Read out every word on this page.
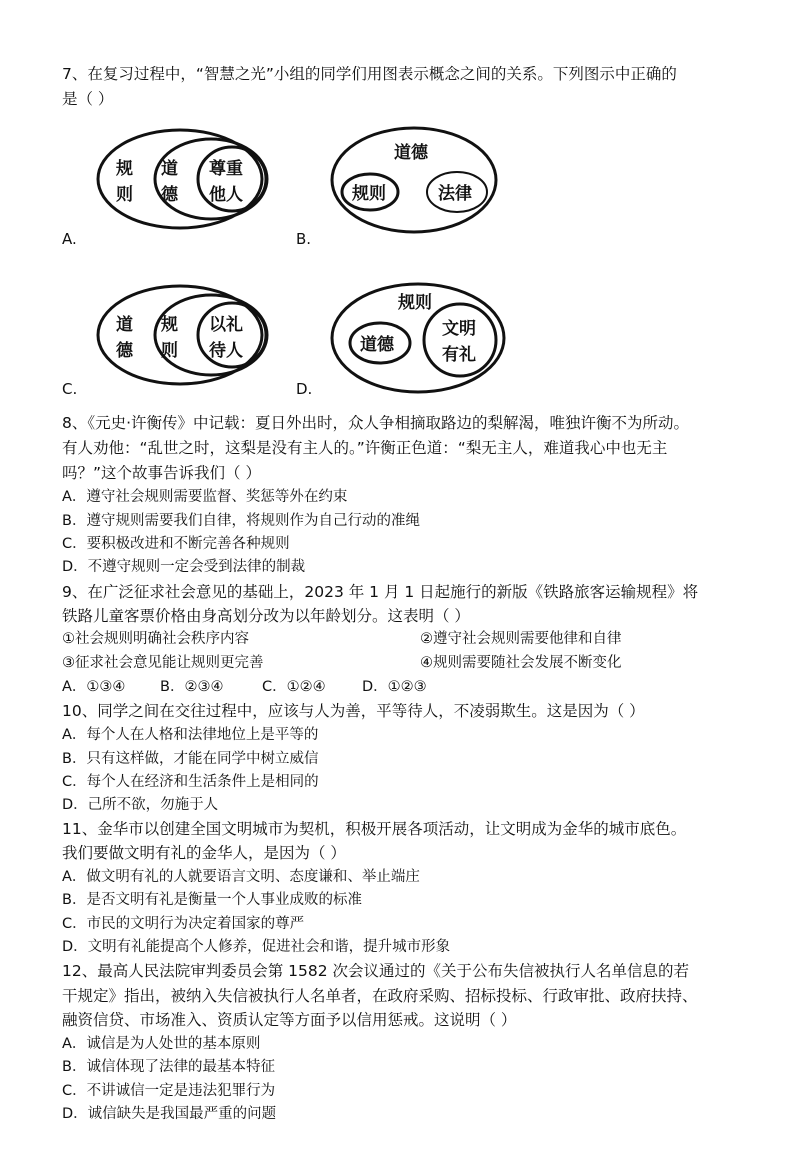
7、在复习过程中，“智慧之光”小组的同学们用图表示概念之间的关系。下列图示中正确的
是（ ）
规
则
道
德
尊重
他人
A.
道德
规则	法律
B.
道
德
规
则
以礼
待人
C.
规则
道德
文明
有礼
D.
8、《元史·许衡传》中记载：夏日外出时，众人争相摘取路边的梨解渴，唯独许衡不为所动。
有人劝他：“乱世之时，这梨是没有主人的。”许衡正色道：“梨无主人，难道我心中也无主
吗？”这个故事告诉我们（ ）
A．遵守社会规则需要监督、奖惩等外在约束
B．遵守规则需要我们自律，将规则作为自己行动的准绳
C．要积极改进和不断完善各种规则
D．不遵守规则一定会受到法律的制裁
9、在广泛征求社会意见的基础上，2023 年 1 月 1 日起施行的新版《铁路旅客运输规程》将
铁路儿童客票价格由身高划分改为以年龄划分。这表明（ ）
①社会规则明确社会秩序内容	②遵守社会规则需要他律和自律
③征求社会意见能让规则更完善	④规则需要随社会发展不断变化
A．①③④ B．②③④	C．①②④	D．①②③
10、同学之间在交往过程中，应该与人为善，平等待人，不凌弱欺生。这是因为（ ）
A．每个人在人格和法律地位上是平等的
B．只有这样做，才能在同学中树立威信
C．每个人在经济和生活条件上是相同的
D．己所不欲，勿施于人
11、金华市以创建全国文明城市为契机，积极开展各项活动，让文明成为金华的城市底色。
我们要做文明有礼的金华人，是因为（ ）
A．做文明有礼的人就要语言文明、态度谦和、举止端庄
B．是否文明有礼是衡量一个人事业成败的标准
C．市民的文明行为决定着国家的尊严
D．文明有礼能提高个人修养，促进社会和谐，提升城市形象
12、最高人民法院审判委员会第 1582 次会议通过的《关于公布失信被执行人名单信息的若
干规定》指出，被纳入失信被执行人名单者，在政府采购、招标投标、行政审批、政府扶持、
融资信贷、市场准入、资质认定等方面予以信用惩戒。这说明（ ）
A．诚信是为人处世的基本原则
B．诚信体现了法律的最基本特征
C．不讲诚信一定是违法犯罪行为
D．诚信缺失是我国最严重的问题
